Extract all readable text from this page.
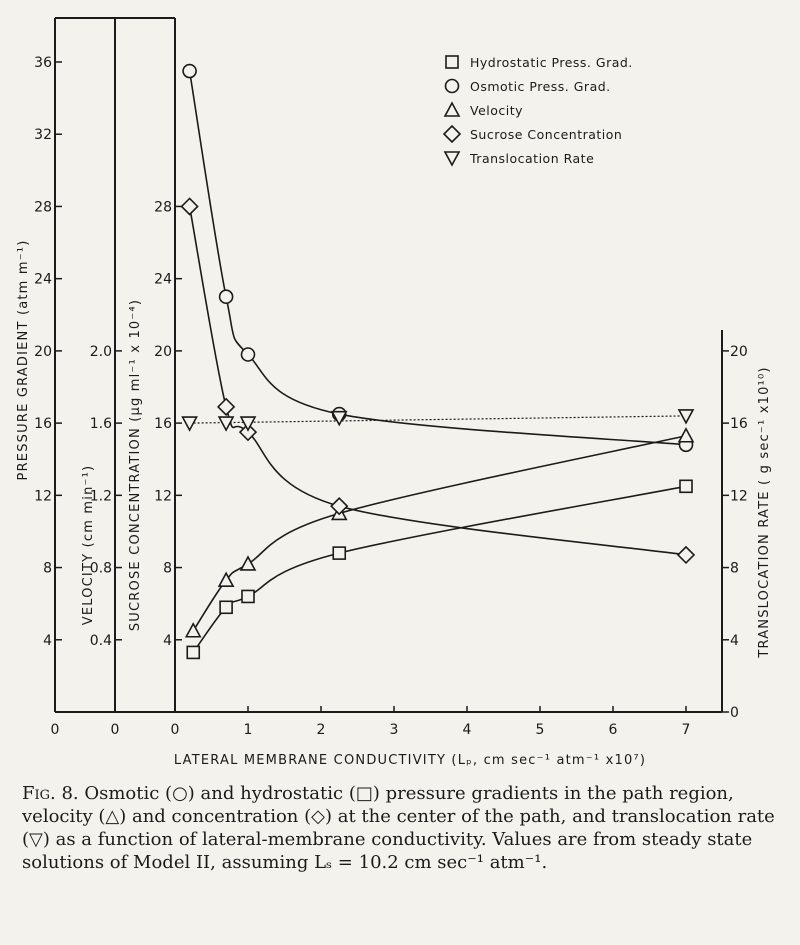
1	2	3	4	5	6	7
0	0	0
4
8
12
16
20
24
28
32
36
0.4
0.8
1.2
1.6
2.0
4
8
12
16
20
24
28
0
4
8
12
16
20
LATERAL MEMBRANE CONDUCTIVITY (Lₚ, cm sec⁻¹ atm⁻¹ x10⁷)
PRESSURE GRADIENT (atm m⁻¹)
VELOCITY (cm min⁻¹) SUCROSE CONCENTRATION (μg ml⁻¹ x 10⁻⁴)	TRANSLOCATION RATE ( g sec⁻¹ x10¹⁰)
Hydrostatic Press. Grad.
Osmotic Press. Grad.
Velocity
Sucrose Concentration
Translocation Rate

Fig. 8. Osmotic (○) and hydrostatic (□) pressure gradients in the path region, velocity (△) and concentration (◇) at the center of the path, and translocation rate (▽) as a function of lateral-membrane conductivity. Values are from steady state solutions of Model II, assuming Lₛ = 10.2 cm sec⁻¹ atm⁻¹.
